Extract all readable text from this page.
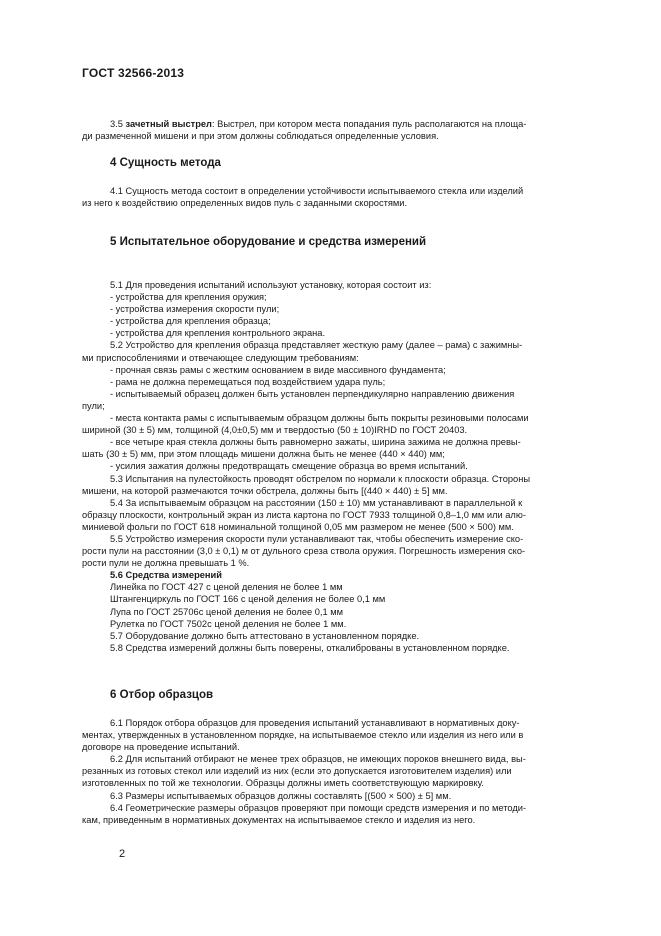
ГОСТ 32566-2013

3.5 зачетный выстрел: Выстрел, при котором места попадания пуль располагаются на площа-

ди размеченной мишени и при этом должны соблюдаться определенные условия.

4 Сущность метода

4.1 Сущность метода состоит в определении устойчивости испытываемого стекла или изделий

из него к воздействию определенных видов пуль с заданными скоростями.

5 Испытательное оборудование и средства измерений

5.1 Для проведения испытаний используют установку, которая состоит из:

- устройства для крепления оружия;

- устройства измерения скорости пули;

- устройства для крепления образца;

- устройства для крепления контрольного экрана.

5.2 Устройство для крепления образца представляет жесткую раму (далее – рама) с зажимны-

ми приспособлениями и отвечающее следующим требованиям:

- прочная связь рамы с жестким основанием в виде массивного фундамента;

- рама не должна перемещаться под воздействием удара пуль;

- испытываемый образец должен быть установлен перпендикулярно направлению движения

пули;

- места контакта рамы с испытываемым образцом должны быть покрыты резиновыми полосами

шириной (30 ± 5) мм, толщиной (4,0±0,5) мм и твердостью (50 ± 10)IRHD по ГОСТ 20403.

- все четыре края стекла должны быть равномерно зажаты, ширина зажима не должна превы-

шать (30 ± 5) мм, при этом площадь мишени должна быть не менее (440 × 440) мм;

- усилия зажатия должны предотвращать смещение образца во время испытаний.

5.3 Испытания на пулестойкость проводят обстрелом по нормали к плоскости образца. Стороны

мишени, на которой размечаются точки обстрела, должны быть [(440 × 440) ± 5] мм.

5.4 За испытываемым образцом на расстоянии (150 ± 10) мм устанавливают в параллельной к

образцу плоскости, контрольный экран из листа картона по ГОСТ 7933 толщиной 0,8–1,0 мм или алю-

миниевой фольги по ГОСТ 618 номинальной толщиной 0,05 мм размером не менее (500 × 500) мм.

5.5 Устройство измерения скорости пули устанавливают так, чтобы обеспечить измерение ско-

рости пули на расстоянии (3,0 ± 0,1) м от дульного среза ствола оружия. Погрешность измерения ско-

рости пули не должна превышать 1 %.

5.6 Средства измерений

Линейка по ГОСТ 427 с ценой деления не более 1 мм

Штангенциркуль по ГОСТ 166 с ценой деления не более 0,1 мм

Лупа по ГОСТ 25706с ценой деления не более 0,1 мм

Рулетка по ГОСТ 7502с ценой деления не более 1 мм.

5.7 Оборудование должно быть аттестовано в установленном порядке.

5.8 Средства измерений должны быть поверены, откалиброваны в установленном порядке.

6 Отбор образцов

6.1 Порядок отбора образцов для проведения испытаний устанавливают в нормативных доку-

ментах, утвержденных в установленном порядке, на испытываемое стекло или изделия из него или в

договоре на проведение испытаний.

6.2 Для испытаний отбирают не менее трех образцов, не имеющих пороков внешнего вида, вы-

резанных из готовых стекол или изделий из них (если это допускается изготовителем изделия) или

изготовленных по той же технологии. Образцы должны иметь соответствующую маркировку.

6.3 Размеры испытываемых образцов должны составлять [(500 × 500) ± 5] мм.

6.4 Геометрические размеры образцов проверяют при помощи средств измерения и по методи-

кам, приведенным в нормативных документах на испытываемое стекло и изделия из него.

2
